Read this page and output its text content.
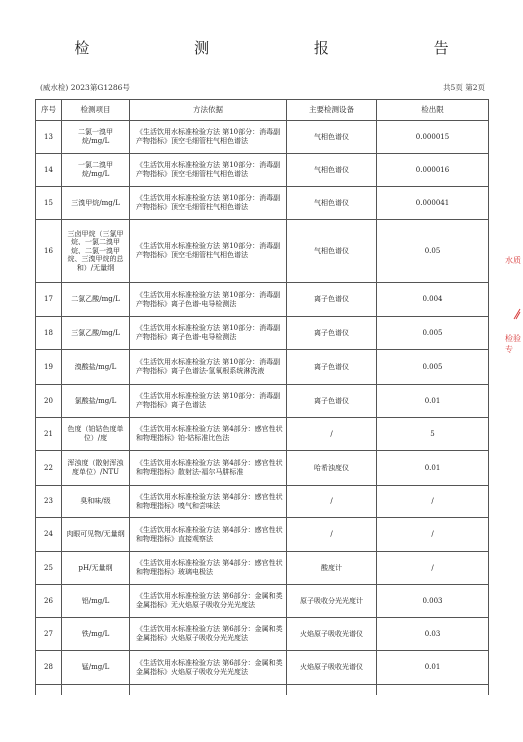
检 测 报 告
(威水检) 2023第G1286号	共5页 第2页
序号	检测项目	方法依据	主要检测设备	检出限
13	二氯一溴甲烷/mg/L	《生活饮用水标准检验方法 第10部分：消毒副产物指标》顶空毛细管柱气相色谱法	气相色谱仪	0.000015
14	一氯二溴甲烷/mg/L	《生活饮用水标准检验方法 第10部分：消毒副产物指标》顶空毛细管柱气相色谱法	气相色谱仪	0.000016
15	三溴甲烷/mg/L	《生活饮用水标准检验方法 第10部分：消毒副产物指标》顶空毛细管柱气相色谱法	气相色谱仪	0.000041
16	三卤甲烷（三氯甲烷、一氯二溴甲烷、二氯一溴甲烷、三溴甲烷的总和）/无量纲	《生活饮用水标准检验方法 第10部分：消毒副产物指标》顶空毛细管柱气相色谱法	气相色谱仪	0.05
17	二氯乙酸/mg/L	《生活饮用水标准检验方法 第10部分：消毒副产物指标》离子色谱-电导检测法	离子色谱仪	0.004
18	三氯乙酸/mg/L	《生活饮用水标准检验方法 第10部分：消毒副产物指标》离子色谱-电导检测法	离子色谱仪	0.005
19	溴酸盐/mg/L	《生活饮用水标准检验方法 第10部分：消毒副产物指标》离子色谱法-氢氧根系统淋洗液	离子色谱仪	0.005
20	氯酸盐/mg/L	《生活饮用水标准检验方法 第10部分：消毒副产物指标》离子色谱法	离子色谱仪	0.01
21	色度（铂钴色度单位）/度	《生活饮用水标准检验方法 第4部分：感官性状和物理指标》铂-钴标准比色法	/	5
22	浑浊度（散射浑浊度单位）/NTU	《生活饮用水标准检验方法 第4部分：感官性状和物理指标》散射法-福尔马肼标准	哈希浊度仪	0.01
23	臭和味/级	《生活饮用水标准检验方法 第4部分：感官性状和物理指标》嗅气和尝味法	/	/
24	肉眼可见物/无量纲	《生活饮用水标准检验方法 第4部分：感官性状和物理指标》直接观察法	/	/
25	pH/无量纲	《生活饮用水标准检验方法 第4部分：感官性状和物理指标》玻璃电极法	酸度计	/
26	铝/mg/L	《生活饮用水标准检验方法 第6部分：金属和类金属指标》无火焰原子吸收分光光度法	原子吸收分光光度计	0.003
27	铁/mg/L	《生活饮用水标准检验方法 第6部分：金属和类金属指标》火焰原子吸收分光光度法	火焰原子吸收光谱仪	0.03
28	锰/mg/L	《生活饮用水标准检验方法 第6部分：金属和类金属指标》火焰原子吸收分光光度法	火焰原子吸收光谱仪	0.01

水质
检验专
